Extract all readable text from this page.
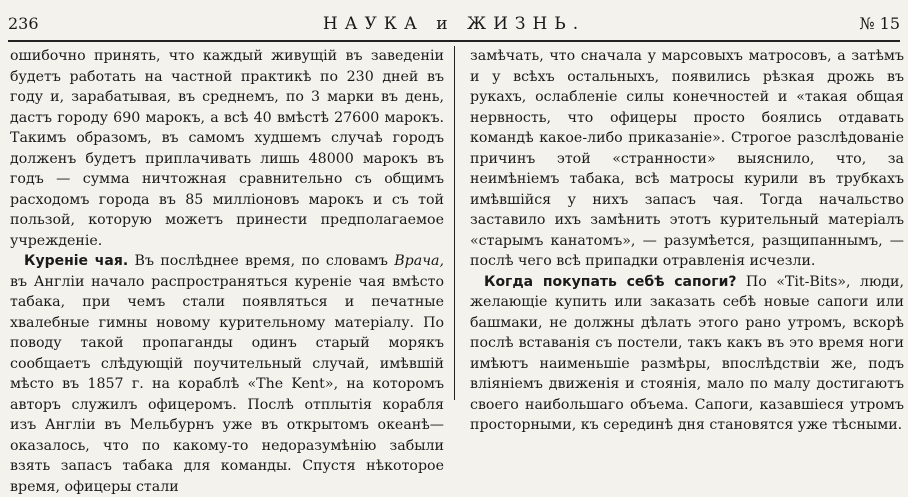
236	НАУКА и ЖИЗНЬ.	№ 15

ошибочно принять, что каждый живущій въ заведеніи будетъ работать на частной практикѣ по 230 дней въ году и, зарабатывая, въ среднемъ, по 3 марки въ день, дастъ городу 690 марокъ, а всѣ 40 вмѣстѣ 27600 марокъ. Такимъ образомъ, въ самомъ худшемъ случаѣ городъ долженъ будетъ приплачивать лишь 48000 марокъ въ годъ — сумма ничтожная сравнительно съ общимъ расходомъ города въ 85 милліоновъ марокъ и съ той пользой, которую можетъ принести предполагаемое учрежденіе.

Куреніе чая. Въ послѣднее время, по словамъ Врача, въ Англіи начало распространяться куреніе чая вмѣсто табака, при чемъ стали появляться и печатные хвалебные гимны новому курительному матеріалу. По поводу такой пропаганды одинъ старый морякъ сообщаетъ слѣдующій поучительный случай, имѣвшій мѣсто въ 1857 г. на кораблѣ «The Kent», на которомъ авторъ служилъ офицеромъ. Послѣ отплытія корабля изъ Англіи въ Мельбурнъ уже въ открытомъ океанѣ—оказалось, что по какому-то недоразумѣнію забыли взять запасъ табака для команды. Спустя нѣкоторое время, офицеры стали

замѣчать, что сначала у марсовыхъ матросовъ, а затѣмъ и у всѣхъ остальныхъ, появились рѣзкая дрожь въ рукахъ, ослабленіе силы конечностей и «такая общая нервность, что офицеры просто боялись отдавать командѣ какое-либо приказаніе». Строгое разслѣдованіе причинъ этой «странности» выяснило, что, за неимѣніемъ табака, всѣ матросы курили въ трубкахъ имѣвшійся у нихъ запасъ чая. Тогда начальство заставило ихъ замѣнить этотъ курительный матеріалъ «старымъ канатомъ», — разумѣется, разщипаннымъ, — послѣ чего всѣ припадки отравленія исчезли.

Когда покупать себѣ сапоги? По «Tit-Bits», люди, желающіе купить или заказать себѣ новые сапоги или башмаки, не должны дѣлать этого рано утромъ, вскорѣ послѣ вставанія съ постели, такъ какъ въ это время ноги имѣютъ наименьшіе размѣры, впослѣдствіи же, подъ вліяніемъ движенія и стоянія, мало по малу достигаютъ своего наибольшаго объема. Сапоги, казавшіеся утромъ просторными, къ серединѣ дня становятся уже тѣсными.
